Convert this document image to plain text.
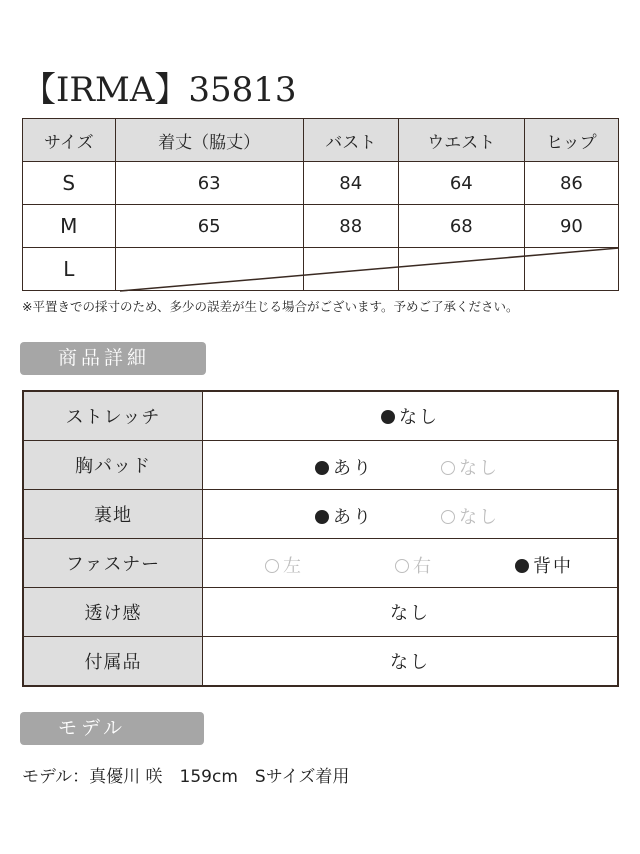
【IRMA】35813
サイズ	着丈（脇丈）	バスト	ウエスト	ヒップ
S	63	84	64	86
M	65	88	68	90
L				
※平置きでの採寸のため、多少の誤差が生じる場合がございます。予めご了承ください。
商品詳細
ストレッチ	なし
胸パッド	あり なし

裏地	あり なし

ファスナー	左 右 背中

透け感	なし
付属品	なし
モデル
モデル：真優川 咲　159cm　Sサイズ着用
